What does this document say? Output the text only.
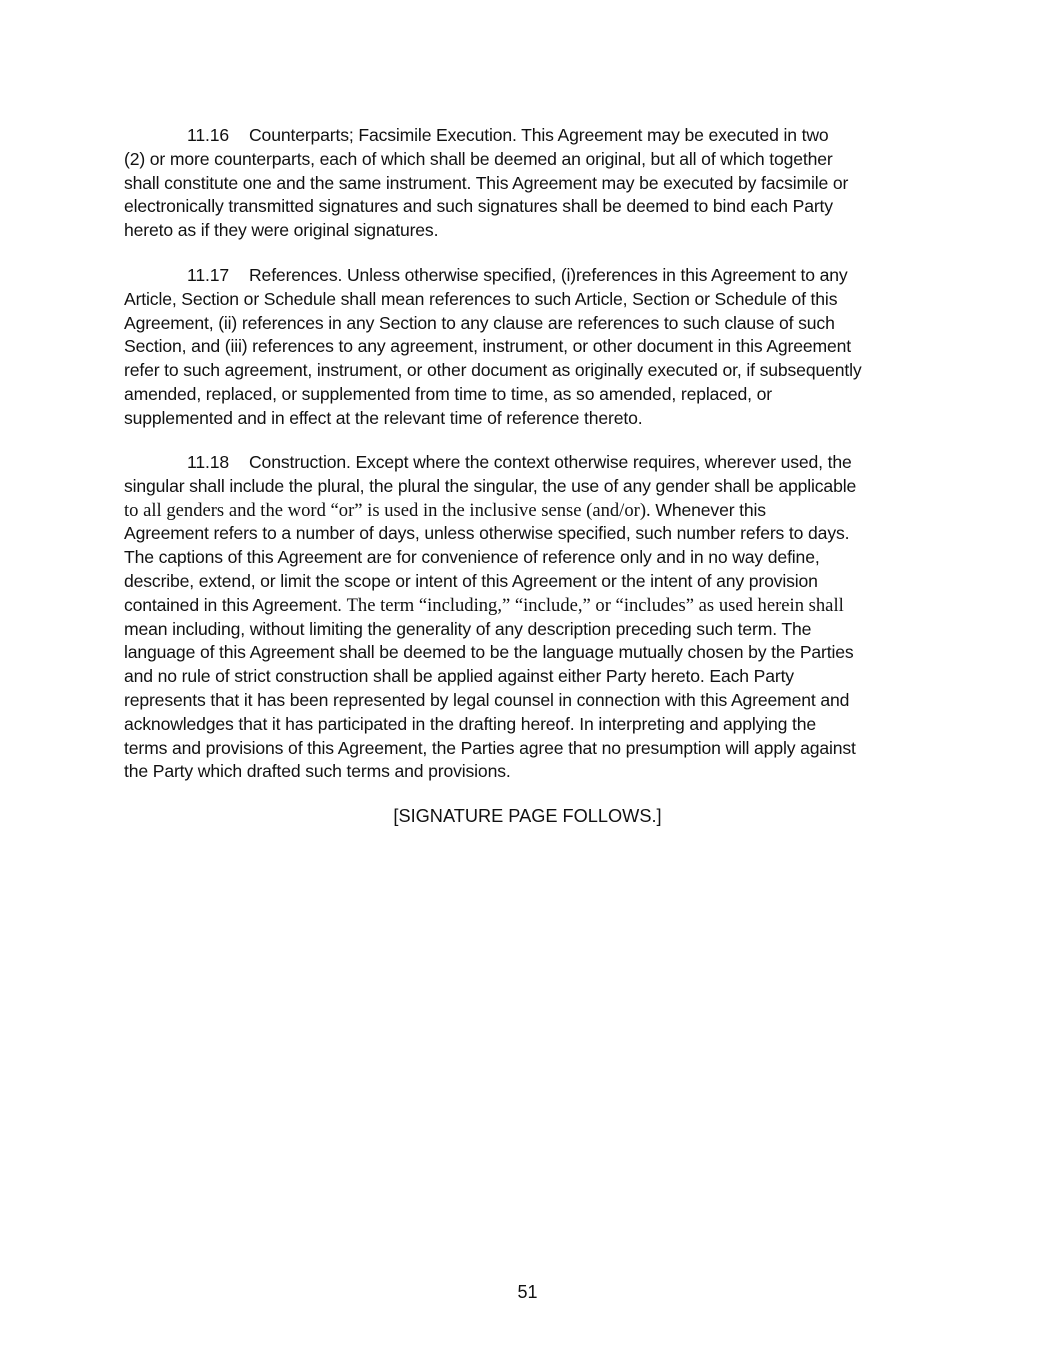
11.16 Counterparts; Facsimile Execution. This Agreement may be executed in two
(2) or more counterparts, each of which shall be deemed an original, but all of which together
shall constitute one and the same instrument. This Agreement may be executed by facsimile or
electronically transmitted signatures and such signatures shall be deemed to bind each Party
hereto as if they were original signatures.
11.17 References. Unless otherwise specified, (i)references in this Agreement to any
Article, Section or Schedule shall mean references to such Article, Section or Schedule of this
Agreement, (ii) references in any Section to any clause are references to such clause of such
Section, and (iii) references to any agreement, instrument, or other document in this Agreement
refer to such agreement, instrument, or other document as originally executed or, if subsequently
amended, replaced, or supplemented from time to time, as so amended, replaced, or
supplemented and in effect at the relevant time of reference thereto.
11.18 Construction. Except where the context otherwise requires, wherever used, the
singular shall include the plural, the plural the singular, the use of any gender shall be applicable
to all genders and the word “or” is used in the inclusive sense (and/or). Whenever this
Agreement refers to a number of days, unless otherwise specified, such number refers to days.
The captions of this Agreement are for convenience of reference only and in no way define,
describe, extend, or limit the scope or intent of this Agreement or the intent of any provision
contained in this Agreement. The term “including,” “include,” or “includes” as used herein shall
mean including, without limiting the generality of any description preceding such term. The
language of this Agreement shall be deemed to be the language mutually chosen by the Parties
and no rule of strict construction shall be applied against either Party hereto. Each Party
represents that it has been represented by legal counsel in connection with this Agreement and
acknowledges that it has participated in the drafting hereof. In interpreting and applying the
terms and provisions of this Agreement, the Parties agree that no presumption will apply against
the Party which drafted such terms and provisions.

[SIGNATURE PAGE FOLLOWS.]

51
